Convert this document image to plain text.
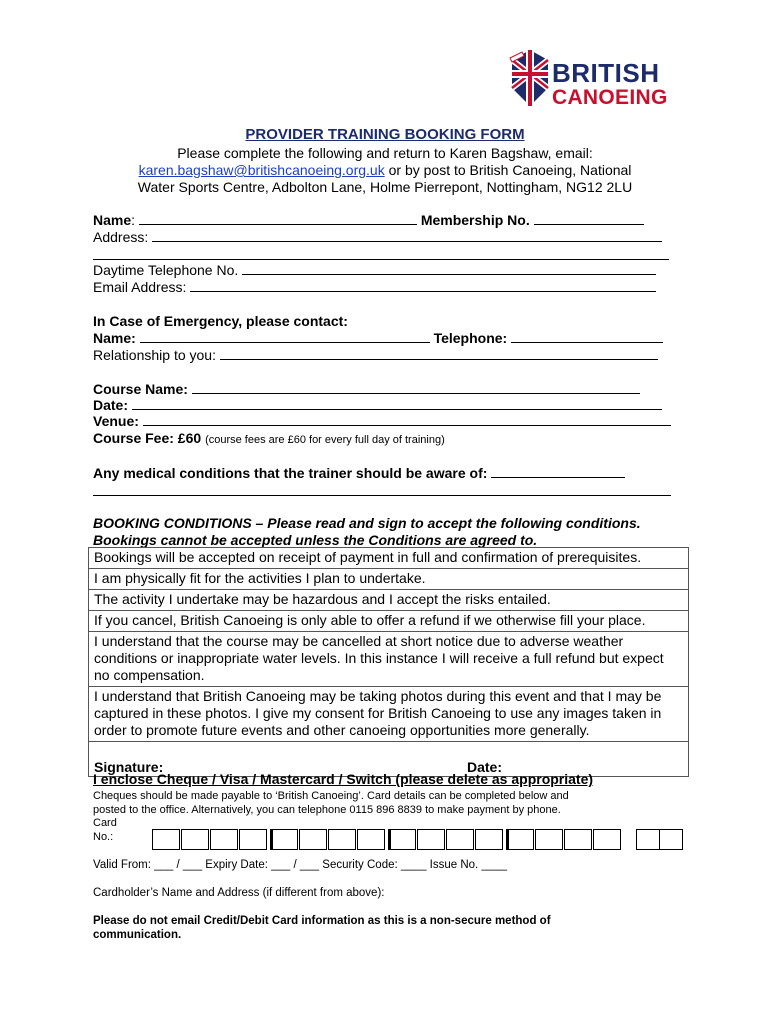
BRITISH
CANOEING
PROVIDER TRAINING BOOKING FORM
Please complete the following and return to Karen Bagshaw, email:
karen.bagshaw@britishcanoeing.org.uk or by post to British Canoeing, National
Water Sports Centre, Adbolton Lane, Holme Pierrepont, Nottingham, NG12 2LU
Name:	Membership No.
Address:
Daytime Telephone No.
Email Address:
In Case of Emergency, please contact:
Name:	Telephone:
Relationship to you:
Course Name:
Date:
Venue:
Course Fee: £60 (course fees are £60 for every full day of training)
Any medical conditions that the trainer should be aware of:
BOOKING CONDITIONS – Please read and sign to accept the following conditions. Bookings cannot be accepted unless the Conditions are agreed to.
Bookings will be accepted on receipt of payment in full and confirmation of prerequisites.
I am physically fit for the activities I plan to undertake.
The activity I undertake may be hazardous and I accept the risks entailed.
If you cancel, British Canoeing is only able to offer a refund if we otherwise fill your place.
I understand that the course may be cancelled at short notice due to adverse weather conditions or inappropriate water levels. In this instance I will receive a full refund but expect no compensation.
I understand that British Canoeing may be taking photos during this event and that I may be captured in these photos. I give my consent for British Canoeing to use any images taken in order to promote future events and other canoeing opportunities more generally.

Signature:	Date:
I enclose Cheque / Visa / Mastercard / Switch (please delete as appropriate)
Cheques should be made payable to ‘British Canoeing’. Card details can be completed below and
posted to the office. Alternatively, you can telephone 0115 896 8839 to make payment by phone.
Card
No.:
Valid From: ___ / ___ Expiry Date: ___ / ___ Security Code: ____ Issue No. ____
Cardholder’s Name and Address (if different from above):
Please do not email Credit/Debit Card information as this is a non-secure method of
communication.
